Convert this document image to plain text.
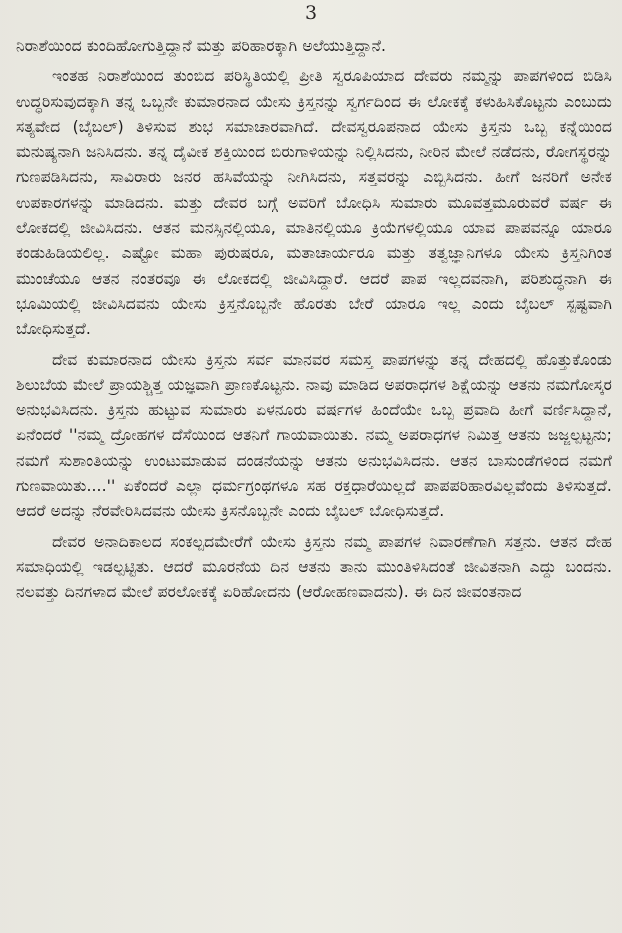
3

ನಿರಾಶೆಯಿಂದ ಕುಂದಿಹೋಗುತ್ತಿದ್ದಾನೆ ಮತ್ತು ಪರಿಹಾರಕ್ಕಾಗಿ ಅಲೆಯುತ್ತಿದ್ದಾನೆ.

ಇಂತಹ ನಿರಾಶೆಯಿಂದ ತುಂಬಿದ ಪರಿಸ್ಥಿತಿಯಲ್ಲಿ ಪ್ರೀತಿ ಸ್ವರೂಪಿಯಾದ ದೇವರು ನಮ್ಮನ್ನು ಪಾಪಗಳಿಂದ ಬಿಡಿಸಿ ಉದ್ಧರಿಸುವುದಕ್ಕಾಗಿ ತನ್ನ ಒಬ್ಬನೇ ಕುಮಾರನಾದ ಯೇಸು ಕ್ರಿಸ್ತನನ್ನು ಸ್ವರ್ಗದಿಂದ ಈ ಲೋಕಕ್ಕೆ ಕಳುಹಿಸಿಕೊಟ್ಟನು ಎಂಬುದು ಸತ್ಯವೇದ (ಬೈಬಲ್) ತಿಳಿಸುವ ಶುಭ ಸಮಾಚಾರವಾಗಿದೆ. ದೇವಸ್ವರೂಪನಾದ ಯೇಸು ಕ್ರಿಸ್ತನು ಒಬ್ಬ ಕನ್ನೆಯಿಂದ ಮನುಷ್ಯನಾಗಿ ಜನಿಸಿದನು. ತನ್ನ ದೈವೀಕ ಶಕ್ತಿಯಿಂದ ಬಿರುಗಾಳಿಯನ್ನು ನಿಲ್ಲಿಸಿದನು, ನೀರಿನ ಮೇಲೆ ನಡೆದನು, ರೋಗಸ್ಥರನ್ನು ಗುಣಪಡಿಸಿದನು, ಸಾವಿರಾರು ಜನರ ಹಸಿವೆಯನ್ನು ನೀಗಿಸಿದನು, ಸತ್ತವರನ್ನು ಎಬ್ಬಿಸಿದನು. ಹೀಗೆ ಜನರಿಗೆ ಅನೇಕ ಉಪಕಾರಗಳನ್ನು ಮಾಡಿದನು. ಮತ್ತು ದೇವರ ಬಗ್ಗೆ ಅವರಿಗೆ ಬೋಧಿಸಿ ಸುಮಾರು ಮೂವತ್ತಮೂರುವರೆ ವರ್ಷ ಈ ಲೋಕದಲ್ಲಿ ಜೀವಿಸಿದನು. ಆತನ ಮನಸ್ಸಿನಲ್ಲಿಯೂ, ಮಾತಿನಲ್ಲಿಯೂ ಕ್ರಿಯೆಗಳಲ್ಲಿಯೂ ಯಾವ ಪಾಪವನ್ನೂ ಯಾರೂ ಕಂಡುಹಿಡಿಯಲಿಲ್ಲ. ಎಷ್ಟೋ ಮಹಾ ಪುರುಷರೂ, ಮತಾಚಾರ್ಯರೂ ಮತ್ತು ತತ್ವಜ್ಞಾನಿಗಳೂ ಯೇಸು ಕ್ರಿಸ್ತನಿಗಿಂತ ಮುಂಚೆಯೂ ಆತನ ನಂತರವೂ ಈ ಲೋಕದಲ್ಲಿ ಜೀವಿಸಿದ್ದಾರೆ. ಆದರೆ ಪಾಪ ಇಲ್ಲದವನಾಗಿ, ಪರಿಶುದ್ಧನಾಗಿ ಈ ಭೂಮಿಯಲ್ಲಿ ಜೀವಿಸಿದವನು ಯೇಸು ಕ್ರಿಸ್ತನೊಬ್ಬನೇ ಹೊರತು ಬೇರೆ ಯಾರೂ ಇಲ್ಲ ಎಂದು ಬೈಬಲ್ ಸ್ಪಷ್ಟವಾಗಿ ಬೋಧಿಸುತ್ತದೆ.

ದೇವ ಕುಮಾರನಾದ ಯೇಸು ಕ್ರಿಸ್ತನು ಸರ್ವ ಮಾನವರ ಸಮಸ್ತ ಪಾಪಗಳನ್ನು ತನ್ನ ದೇಹದಲ್ಲಿ ಹೊತ್ತುಕೊಂಡು ಶಿಲುಬೆಯ ಮೇಲೆ ಪ್ರಾಯಶ್ಚಿತ್ತ ಯಜ್ಞವಾಗಿ ಪ್ರಾಣಕೊಟ್ಟನು. ನಾವು ಮಾಡಿದ ಅಪರಾಧಗಳ ಶಿಕ್ಷೆಯನ್ನು ಆತನು ನಮಗೋಸ್ಕರ ಅನುಭವಿಸಿದನು. ಕ್ರಿಸ್ತನು ಹುಟ್ಟುವ ಸುಮಾರು ಏಳನೂರು ವರ್ಷಗಳ ಹಿಂದೆಯೇ ಒಬ್ಬ ಪ್ರವಾದಿ ಹೀಗೆ ವರ್ಣಿಸಿದ್ದಾನೆ, ಏನೆಂದರೆ ''ನಮ್ಮ ದ್ರೋಹಗಳ ದೆಸೆಯಿಂದ ಆತನಿಗೆ ಗಾಯವಾಯಿತು. ನಮ್ಮ ಅಪರಾಧಗಳ ನಿಮಿತ್ತ ಆತನು ಜಜ್ಜಲ್ಪಟ್ಟನು; ನಮಗೆ ಸುಶಾಂತಿಯನ್ನು ಉಂಟುಮಾಡುವ ದಂಡನೆಯನ್ನು ಆತನು ಅನುಭವಿಸಿದನು. ಆತನ ಬಾಸುಂಡೆಗಳಿಂದ ನಮಗೆ ಗುಣವಾಯಿತು....'' ಏಕೆಂದರೆ ಎಲ್ಲಾ ಧರ್ಮಗ್ರಂಥಗಳೂ ಸಹ ರಕ್ತಧಾರೆಯಿಲ್ಲದೆ ಪಾಪಪರಿಹಾರವಿಲ್ಲವೆಂದು ತಿಳಿಸುತ್ತದೆ. ಆದರೆ ಅದನ್ನು ನೆರವೇರಿಸಿದವನು ಯೇಸು ಕ್ರಿಸನೊಬ್ಬನೇ ಎಂದು ಬೈಬಲ್ ಬೋಧಿಸುತ್ತದೆ.

ದೇವರ ಅನಾದಿಕಾಲದ ಸಂಕಲ್ಪದಮೇರೆಗೆ ಯೇಸು ಕ್ರಿಸ್ತನು ನಮ್ಮ ಪಾಪಗಳ ನಿವಾರಣೆಗಾಗಿ ಸತ್ತನು. ಆತನ ದೇಹ ಸಮಾಧಿಯಲ್ಲಿ ಇಡಲ್ಪಟ್ಟಿತು. ಆದರೆ ಮೂರನೆಯ ದಿನ ಆತನು ತಾನು ಮುಂತಿಳಿಸಿದಂತೆ ಜೀವಿತನಾಗಿ ಎದ್ದು ಬಂದನು. ನಲವತ್ತು ದಿನಗಳಾದ ಮೇಲೆ ಪರಲೋಕಕ್ಕೆ ಏರಿಹೋದನು (ಆರೋಹಣವಾದನು). ಈ ದಿನ ಜೀವಂತನಾದ
